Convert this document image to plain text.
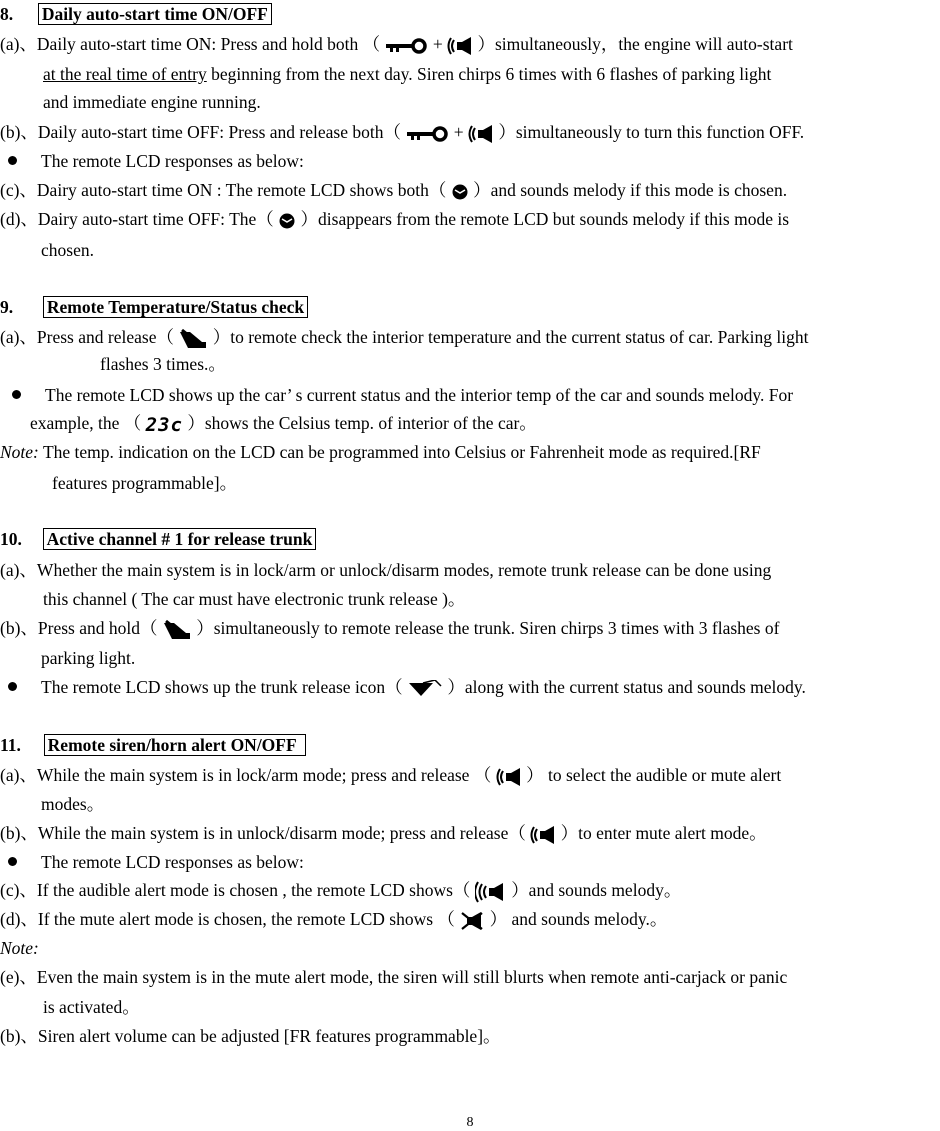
8. Daily auto-start time ON/OFF
(a)、Daily auto-start time ON: Press and hold both （	+
）simultaneously，the engine will auto-start
at the real time of entry beginning from the next day. Siren chirps 6 times with 6 flashes of parking light
and immediate engine running.
(b)、Daily auto-start time OFF: Press and release both（	+
）simultaneously to turn this function OFF.
The remote LCD responses as below:
(c)、Dairy auto-start time ON : The remote LCD shows both（ ）and sounds melody if this mode is chosen.
(d)、Dairy auto-start time OFF: The（ ）disappears from the remote LCD but sounds melody if this mode is
chosen.
9. Remote Temperature/Status check
(a)、Press and release（ ）to remote check the interior temperature and the current status of car. Parking light
flashes 3 times.。
The remote LCD shows up the car’ s current status and the interior temp of the car and sounds melody. For
example, the （ 23c ）shows the Celsius temp. of interior of the car。
Note: The temp. indication on the LCD can be programmed into Celsius or Fahrenheit mode as required.[RF
features programmable]。
10. Active channel # 1 for release trunk
(a)、Whether the main system is in lock/arm or unlock/disarm modes, remote trunk release can be done using
this channel ( The car must have electronic trunk release )。
(b)、Press and hold（ ）simultaneously to remote release the trunk. Siren chirps 3 times with 3 flashes of
parking light.
The remote LCD shows up the trunk release icon（	）along with the current status and sounds melody.
11. Remote siren/horn alert ON/OFF
(a)、While the main system is in lock/arm mode; press and release （ ） to select the audible or mute alert
modes。
(b)、While the main system is in unlock/disarm mode; press and release（ ）to enter mute alert mode。
The remote LCD responses as below:
(c)、If the audible alert mode is chosen , the remote LCD shows（ ）and sounds melody。
(d)、If the mute alert mode is chosen, the remote LCD shows （ ） and sounds melody.。
Note:
(e)、Even the main system is in the mute alert mode, the siren will still blurts when remote anti-carjack or panic
is activated。
(b)、Siren alert volume can be adjusted [FR features programmable]。
8
